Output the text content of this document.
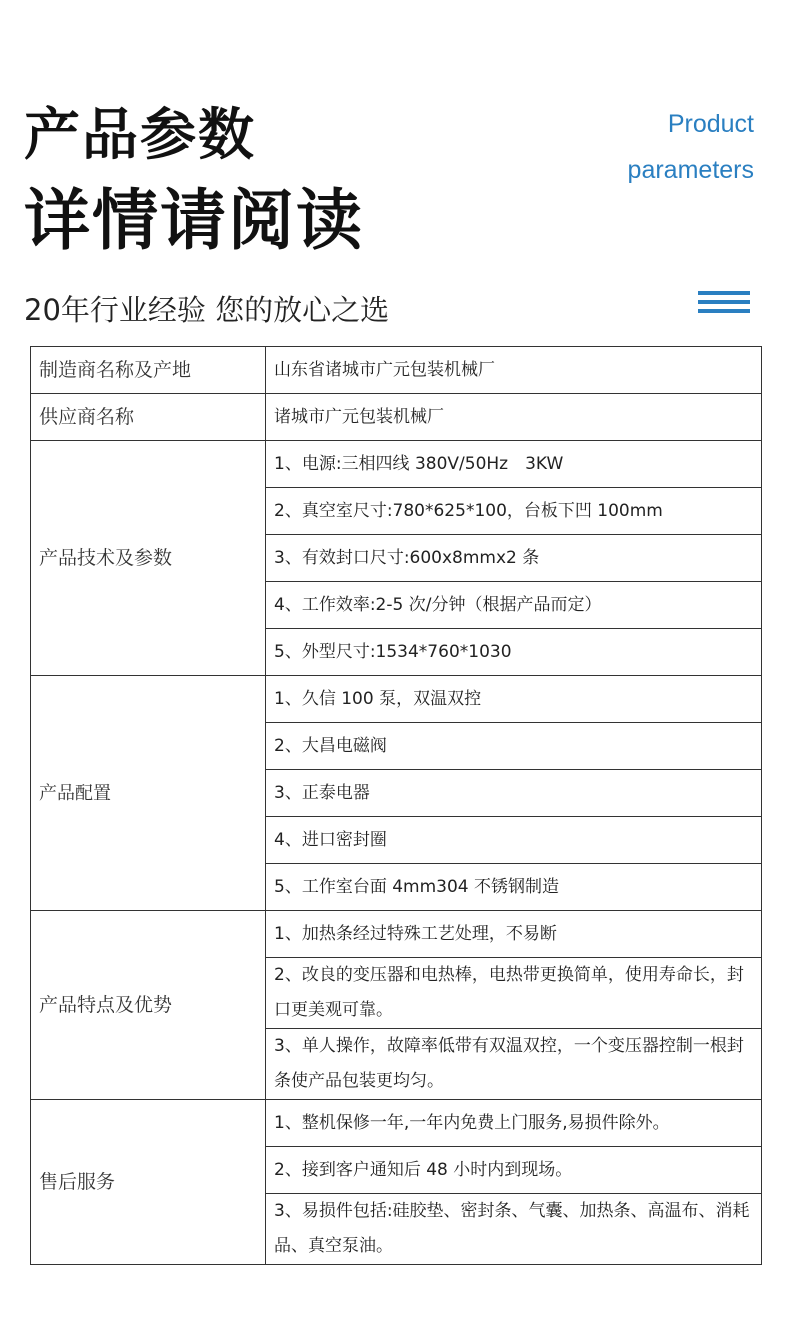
产品参数
详情请阅读
Product
parameters
20年行业经验 您的放心之选
制造商名称及产地	山东省诸城市广元包装机械厂
供应商名称	诸城市广元包装机械厂
产品技术及参数	1、电源:三相四线 380V/50Hz　3KW
	2、真空室尺寸:780*625*100，台板下凹 100mm
	3、有效封口尺寸:600x8mmx2 条
	4、工作效率:2-5 次/分钟（根据产品而定）
	5、外型尺寸:1534*760*1030
产品配置	1、久信 100 泵，双温双控
	2、大昌电磁阀
	3、正泰电器
	4、进口密封圈
	5、工作室台面 4mm304 不锈钢制造
产品特点及优势	1、加热条经过特殊工艺处理，不易断
	2、改良的变压器和电热棒，电热带更换简单，使用寿命长，封口更美观可靠。
	3、单人操作，故障率低带有双温双控，一个变压器控制一根封条使产品包装更均匀。
售后服务	1、整机保修一年,一年内免费上门服务,易损件除外。
	2、接到客户通知后 48 小时内到现场。
	3、易损件包括:硅胶垫、密封条、气囊、加热条、高温布、消耗品、真空泵油。
